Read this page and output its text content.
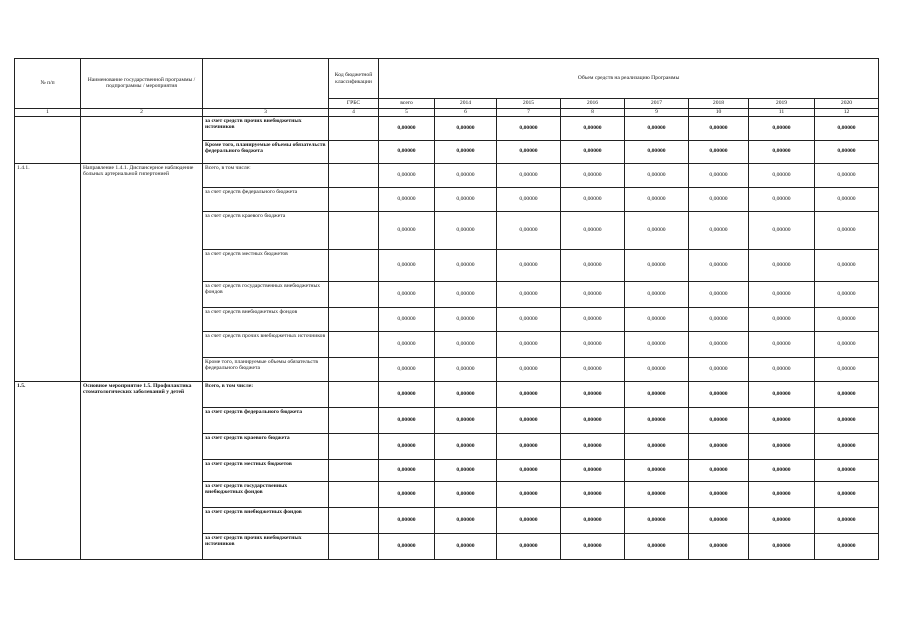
№ п/п	Наименование государственной программы / подпрограммы / мероприятия		Код бюджетной классификации	Объем средств на реализацию Программы							
			ГРБС	всего	2014	2015	2016	2017	2018	2019	2020
1	2	3	4	5	6	7	8	9	10	11	12
		за счет средств прочих внебюджетных источников		0,00000	0,00000	0,00000	0,00000	0,00000	0,00000	0,00000	0,00000
		Кроме того, планируемые объемы обязательств федерального бюджета		0,00000	0,00000	0,00000	0,00000	0,00000	0,00000	0,00000	0,00000
1.4.1.	Направление 1.4.1. Диспансерное наблюдение больных артериальной гипертонией	Всего, в том числе:		0,00000	0,00000	0,00000	0,00000	0,00000	0,00000	0,00000	0,00000
		за счет средств федерального бюджета		0,00000	0,00000	0,00000	0,00000	0,00000	0,00000	0,00000	0,00000
		за счет средств краевого бюджета		0,00000	0,00000	0,00000	0,00000	0,00000	0,00000	0,00000	0,00000
		за счет средств местных бюджетов		0,00000	0,00000	0,00000	0,00000	0,00000	0,00000	0,00000	0,00000
		за счет средств государственных внебюджетных фондов		0,00000	0,00000	0,00000	0,00000	0,00000	0,00000	0,00000	0,00000
		за счет средств внебюджетных фондов		0,00000	0,00000	0,00000	0,00000	0,00000	0,00000	0,00000	0,00000
		за счет средств прочих внебюджетных источников		0,00000	0,00000	0,00000	0,00000	0,00000	0,00000	0,00000	0,00000
		Кроме того, планируемые объемы обязательств федерального бюджета		0,00000	0,00000	0,00000	0,00000	0,00000	0,00000	0,00000	0,00000
1.5.	Основное мероприятие 1.5. Профилактика стоматологических заболеваний у детей	Всего, в том числе:		0,00000	0,00000	0,00000	0,00000	0,00000	0,00000	0,00000	0,00000
		за счет средств федерального бюджета		0,00000	0,00000	0,00000	0,00000	0,00000	0,00000	0,00000	0,00000
		за счет средств краевого бюджета		0,00000	0,00000	0,00000	0,00000	0,00000	0,00000	0,00000	0,00000
		за счет средств местных бюджетов		0,00000	0,00000	0,00000	0,00000	0,00000	0,00000	0,00000	0,00000
		за счет средств государственных внебюджетных фондов		0,00000	0,00000	0,00000	0,00000	0,00000	0,00000	0,00000	0,00000
		за счет средств внебюджетных фондов		0,00000	0,00000	0,00000	0,00000	0,00000	0,00000	0,00000	0,00000
		за счет средств прочих внебюджетных источников		0,00000	0,00000	0,00000	0,00000	0,00000	0,00000	0,00000	0,00000
